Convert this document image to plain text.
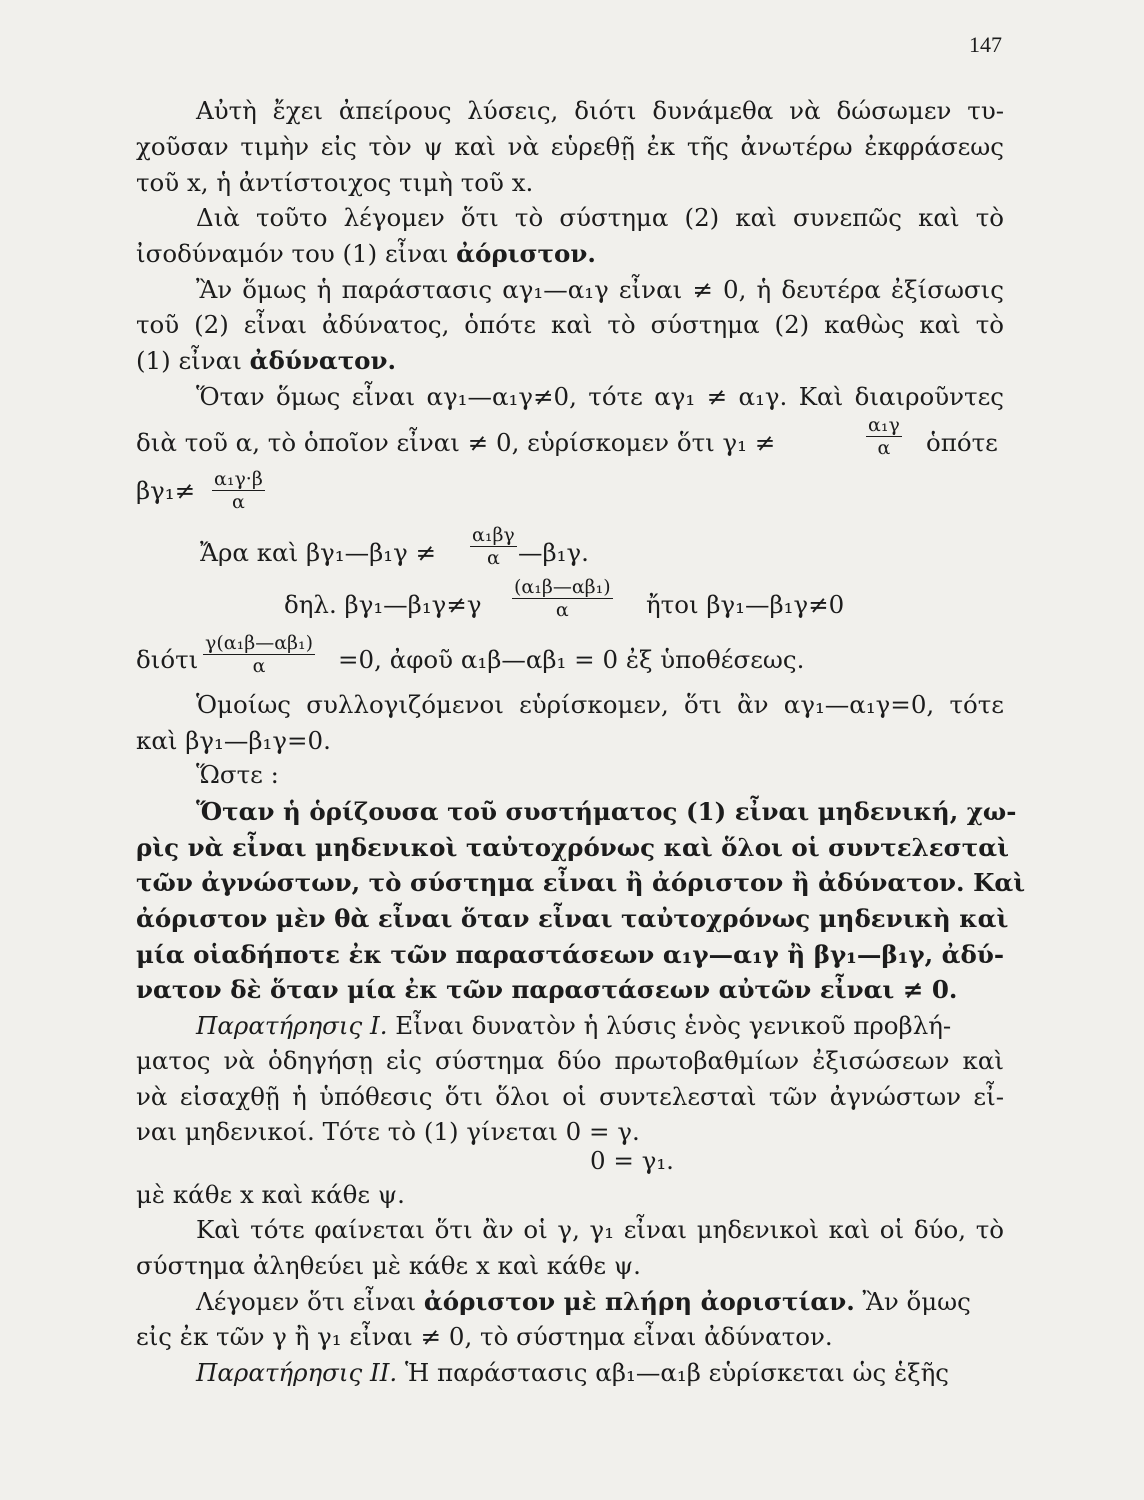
147
Αὐτὴ ἔχει ἀπείρους λύσεις, διότι δυνάμεθα νὰ δώσωμεν τυ-
χοῦσαν τιμὴν εἰς τὸν ψ καὶ νὰ εὑρεθῇ ἐκ τῆς ἀνωτέρω ἐκφράσεως
τοῦ x, ἡ ἀντίστοιχος τιμὴ τοῦ x.
Διὰ τοῦτο λέγομεν ὅτι τὸ σύστημα (2) καὶ συνεπῶς καὶ τὸ
ἰσοδύναμόν του (1) εἶναι ἀόριστον.
Ἂν ὅμως ἡ παράστασις αγ₁—α₁γ εἶναι ≠ 0, ἡ δευτέρα ἐξίσωσις
τοῦ (2) εἶναι ἀδύνατος, ὁπότε καὶ τὸ σύστημα (2) καθὼς καὶ τὸ
(1) εἶναι ἀδύνατον.
Ὅταν ὅμως εἶναι αγ₁—α₁γ≠0, τότε αγ₁ ≠ α₁γ. Καὶ διαιροῦντες
διὰ τοῦ α, τὸ ὁποῖον εἶναι ≠ 0, εὑρίσκομεν ὅτι γ₁ ≠	$\frac{\text{α₁γ}}{\alpha}$ ὁπότε
$\beta\gamma_1\ne \frac{\text{α₁γ·β}}{\alpha}$
Ἄρα καὶ βγ₁—β₁γ ≠	$\frac{\text{α₁βγ}}{\alpha}$ —β₁γ.
δηλ. βγ₁—β₁γ≠γ	$\frac{\text{(α₁β—αβ₁)}}{\alpha}$ ἤτοι βγ₁—β₁γ≠0
διότι $\frac{\text{γ(α₁β—αβ₁)}}{\alpha} =0$, ἀφοῦ α₁β—αβ₁ = 0 ἐξ ὑποθέσεως.
Ὁμοίως συλλογιζόμενοι εὑρίσκομεν, ὅτι ἂν αγ₁—α₁γ=0, τότε
καὶ βγ₁—β₁γ=0.
Ὥστε :
Ὅταν ἡ ὁρίζουσα τοῦ συστήματος (1) εἶναι μηδενική, χω-
ρὶς νὰ εἶναι μηδενικοὶ ταὐτοχρόνως καὶ ὅλοι οἱ συντελεσταὶ
τῶν ἀγνώστων, τὸ σύστημα εἶναι ἢ ἀόριστον ἢ ἀδύνατον. Καὶ
ἀόριστον μὲν θὰ εἶναι ὅταν εἶναι ταὐτοχρόνως μηδενικὴ καὶ
μία οἱαδήποτε ἐκ τῶν παραστάσεων α₁γ—α₁γ ἢ βγ₁—β₁γ, ἀδύ-
νατον δὲ ὅταν μία ἐκ τῶν παραστάσεων αὐτῶν εἶναι ≠ 0.
Παρατήρησις Ι. Εἶναι δυνατὸν ἡ λύσις ἑνὸς γενικοῦ προβλή-
ματος νὰ ὁδηγήσῃ εἰς σύστημα δύο πρωτοβαθμίων ἐξισώσεων καὶ
νὰ εἰσαχθῇ ἡ ὑπόθεσις ὅτι ὅλοι οἱ συντελεσταὶ τῶν ἀγνώστων εἶ-
ναι μηδενικοί. Τότε τὸ (1) γίνεται 0 = γ.
0 = γ₁.
μὲ κάθε x καὶ κάθε ψ.
Καὶ τότε φαίνεται ὅτι ἂν οἱ γ, γ₁ εἶναι μηδενικοὶ καὶ οἱ δύο, τὸ
σύστημα ἀληθεύει μὲ κάθε x καὶ κάθε ψ.
Λέγομεν ὅτι εἶναι ἀόριστον μὲ πλήρη ἀοριστίαν. Ἂν ὅμως
εἰς ἐκ τῶν γ ἢ γ₁ εἶναι ≠ 0, τὸ σύστημα εἶναι ἀδύνατον.
Παρατήρησις ΙΙ. Ἡ παράστασις αβ₁—α₁β εὑρίσκεται ὡς ἑξῆς
